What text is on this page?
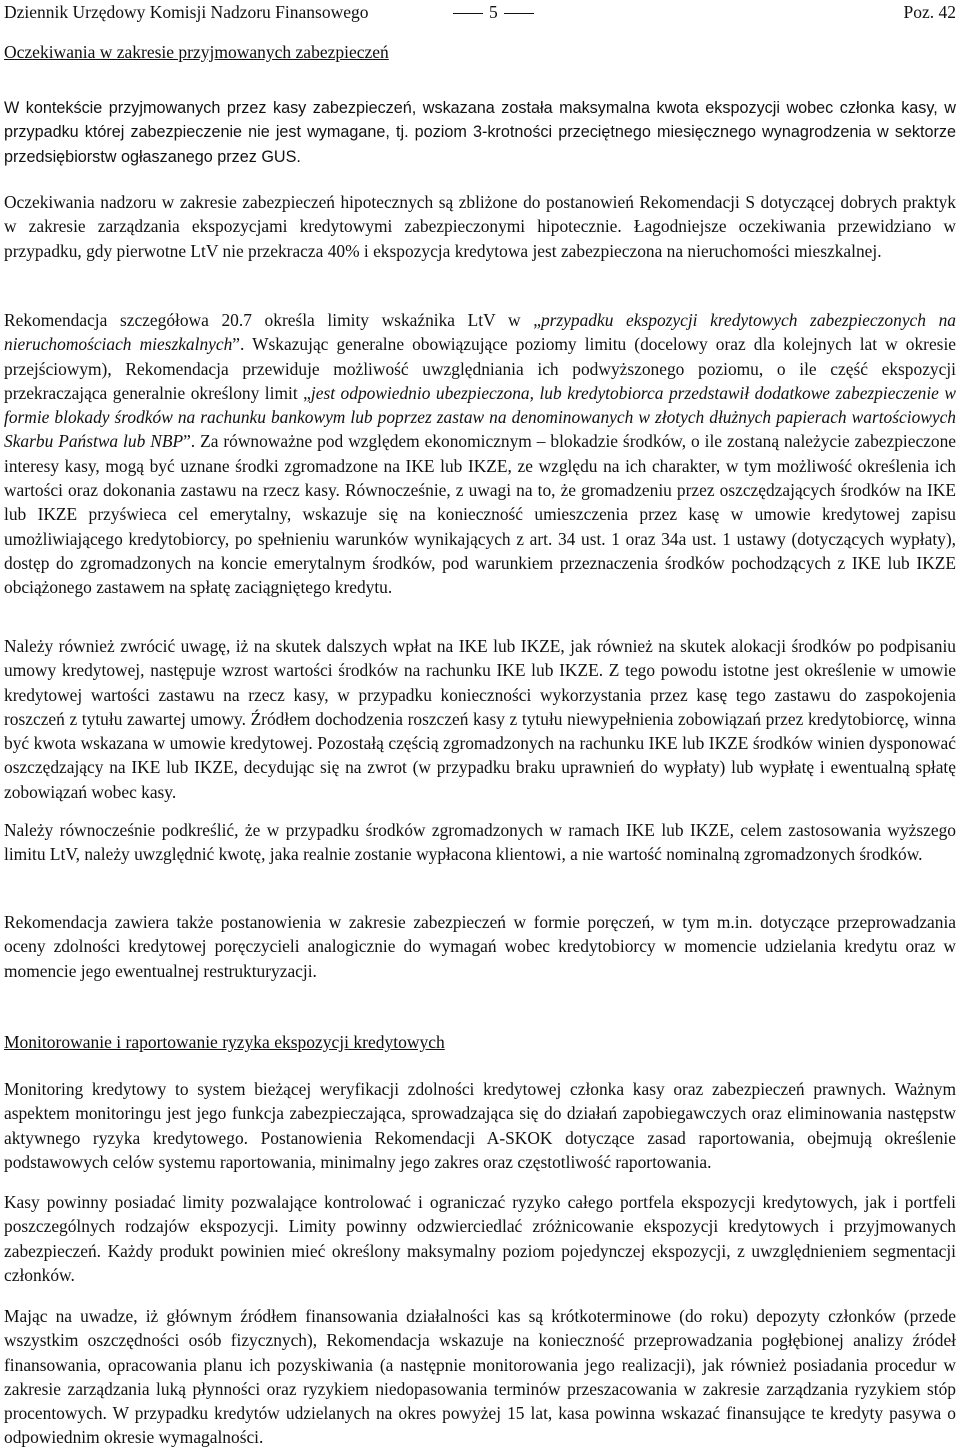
Dziennik Urzędowy Komisji Nadzoru Finansowego	5	Poz. 42
Oczekiwania w zakresie przyjmowanych zabezpieczeń

W kontekście przyjmowanych przez kasy zabezpieczeń, wskazana została maksymalna kwota ekspozycji wobec członka kasy, w przypadku której zabezpieczenie nie jest wymagane, tj. poziom 3-krotności przeciętnego miesięcznego wynagrodzenia w sektorze przedsiębiorstw ogłaszanego przez GUS.

Oczekiwania nadzoru w zakresie zabezpieczeń hipotecznych są zbliżone do postanowień Rekomendacji S dotyczącej dobrych praktyk w zakresie zarządzania ekspozycjami kredytowymi zabezpieczonymi hipotecznie. Łagodniejsze oczekiwania przewidziano w przypadku, gdy pierwotne LtV nie przekracza 40% i ekspozycja kredytowa jest zabezpieczona na nieruchomości mieszkalnej.

Rekomendacja szczegółowa 20.7 określa limity wskaźnika LtV w „przypadku ekspozycji kredytowych zabezpieczonych na nieruchomościach mieszkalnych”. Wskazując generalne obowiązujące poziomy limitu (docelowy oraz dla kolejnych lat w okresie przejściowym), Rekomendacja przewiduje możliwość uwzględniania ich podwyższonego poziomu, o ile część ekspozycji przekraczająca generalnie określony limit „jest odpowiednio ubezpieczona, lub kredytobiorca przedstawił dodatkowe zabezpieczenie w formie blokady środków na rachunku bankowym lub poprzez zastaw na denominowanych w złotych dłużnych papierach wartościowych Skarbu Państwa lub NBP”. Za równoważne pod względem ekonomicznym – blokadzie środków, o ile zostaną należycie zabezpieczone interesy kasy, mogą być uznane środki zgromadzone na IKE lub IKZE, ze względu na ich charakter, w tym możliwość określenia ich wartości oraz dokonania zastawu na rzecz kasy. Równocześnie, z uwagi na to, że gromadzeniu przez oszczędzających środków na IKE lub IKZE przyświeca cel emerytalny, wskazuje się na konieczność umieszczenia przez kasę w umowie kredytowej zapisu umożliwiającego kredytobiorcy, po spełnieniu warunków wynikających z art. 34 ust. 1 oraz 34a ust. 1 ustawy (dotyczących wypłaty), dostęp do zgromadzonych na koncie emerytalnym środków, pod warunkiem przeznaczenia środków pochodzących z IKE lub IKZE obciążonego zastawem na spłatę zaciągniętego kredytu.

Należy również zwrócić uwagę, iż na skutek dalszych wpłat na IKE lub IKZE, jak również na skutek alokacji środków po podpisaniu umowy kredytowej, następuje wzrost wartości środków na rachunku IKE lub IKZE. Z tego powodu istotne jest określenie w umowie kredytowej wartości zastawu na rzecz kasy, w przypadku konieczności wykorzystania przez kasę tego zastawu do zaspokojenia roszczeń z tytułu zawartej umowy. Źródłem dochodzenia roszczeń kasy z tytułu niewypełnienia zobowiązań przez kredytobiorcę, winna być kwota wskazana w umowie kredytowej. Pozostałą częścią zgromadzonych na rachunku IKE lub IKZE środków winien dysponować oszczędzający na IKE lub IKZE, decydując się na zwrot (w przypadku braku uprawnień do wypłaty) lub wypłatę i ewentualną spłatę zobowiązań wobec kasy.

Należy równocześnie podkreślić, że w przypadku środków zgromadzonych w ramach IKE lub IKZE, celem zastosowania wyższego limitu LtV, należy uwzględnić kwotę, jaka realnie zostanie wypłacona klientowi, a nie wartość nominalną zgromadzonych środków.

Rekomendacja zawiera także postanowienia w zakresie zabezpieczeń w formie poręczeń, w tym m.in. dotyczące przeprowadzania oceny zdolności kredytowej poręczycieli analogicznie do wymagań wobec kredytobiorcy w momencie udzielania kredytu oraz w momencie jego ewentualnej restrukturyzacji.

Monitorowanie i raportowanie ryzyka ekspozycji kredytowych

Monitoring kredytowy to system bieżącej weryfikacji zdolności kredytowej członka kasy oraz zabezpieczeń prawnych. Ważnym aspektem monitoringu jest jego funkcja zabezpieczająca, sprowadzająca się do działań zapobiegawczych oraz eliminowania następstw aktywnego ryzyka kredytowego. Postanowienia Rekomendacji A-SKOK dotyczące zasad raportowania, obejmują określenie podstawowych celów systemu raportowania, minimalny jego zakres oraz częstotliwość raportowania.

Kasy powinny posiadać limity pozwalające kontrolować i ograniczać ryzyko całego portfela ekspozycji kredytowych, jak i portfeli poszczególnych rodzajów ekspozycji. Limity powinny odzwierciedlać zróżnicowanie ekspozycji kredytowych i przyjmowanych zabezpieczeń. Każdy produkt powinien mieć określony maksymalny poziom pojedynczej ekspozycji, z uwzględnieniem segmentacji członków.

Mając na uwadze, iż głównym źródłem finansowania działalności kas są krótkoterminowe (do roku) depozyty członków (przede wszystkim oszczędności osób fizycznych), Rekomendacja wskazuje na konieczność przeprowadzania pogłębionej analizy źródeł finansowania, opracowania planu ich pozyskiwania (a następnie monitorowania jego realizacji), jak również posiadania procedur w zakresie zarządzania luką płynności oraz ryzykiem niedopasowania terminów przeszacowania w zakresie zarządzania ryzykiem stóp procentowych. W przypadku kredytów udzielanych na okres powyżej 15 lat, kasa powinna wskazać finansujące te kredyty pasywa o odpowiednim okresie wymagalności.
